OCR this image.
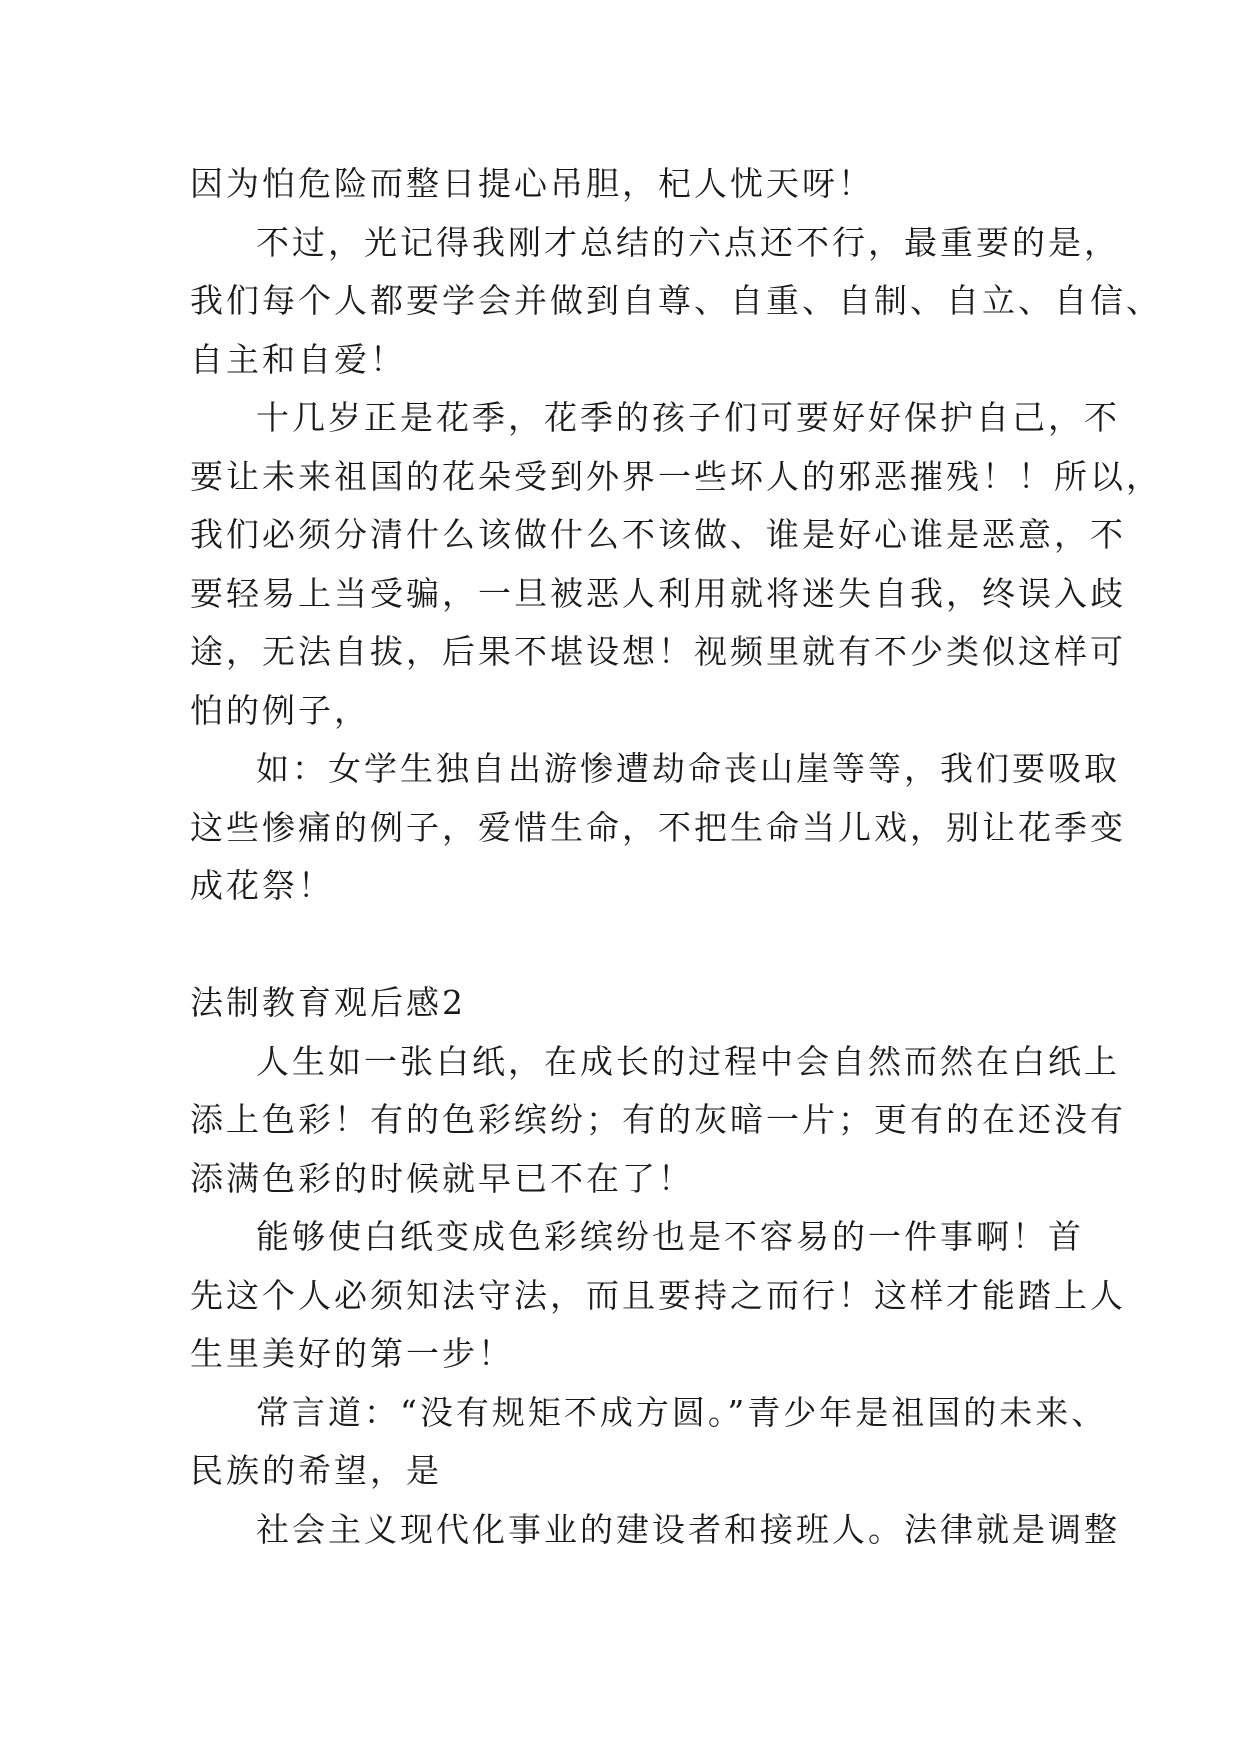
因为怕危险而整日提心吊胆，杞人忧天呀！
不过，光记得我刚才总结的六点还不行，最重要的是，
我们每个人都要学会并做到自尊、自重、自制、自立、自信、
自主和自爱！
十几岁正是花季，花季的孩子们可要好好保护自己，不
要让未来祖国的花朵受到外界一些坏人的邪恶摧残！！所以，
我们必须分清什么该做什么不该做、谁是好心谁是恶意，不
要轻易上当受骗，一旦被恶人利用就将迷失自我，终误入歧
途，无法自拔，后果不堪设想！视频里就有不少类似这样可
怕的例子，
如：女学生独自出游惨遭劫命丧山崖等等，我们要吸取
这些惨痛的例子，爱惜生命，不把生命当儿戏，别让花季变
成花祭！
法制教育观后感2
人生如一张白纸，在成长的过程中会自然而然在白纸上
添上色彩！有的色彩缤纷；有的灰暗一片；更有的在还没有
添满色彩的时候就早已不在了！
能够使白纸变成色彩缤纷也是不容易的一件事啊！首
先这个人必须知法守法，而且要持之而行！这样才能踏上人
生里美好的第一步！
常言道：“没有规矩不成方圆。”青少年是祖国的未来、
民族的希望，是
社会主义现代化事业的建设者和接班人。法律就是调整
